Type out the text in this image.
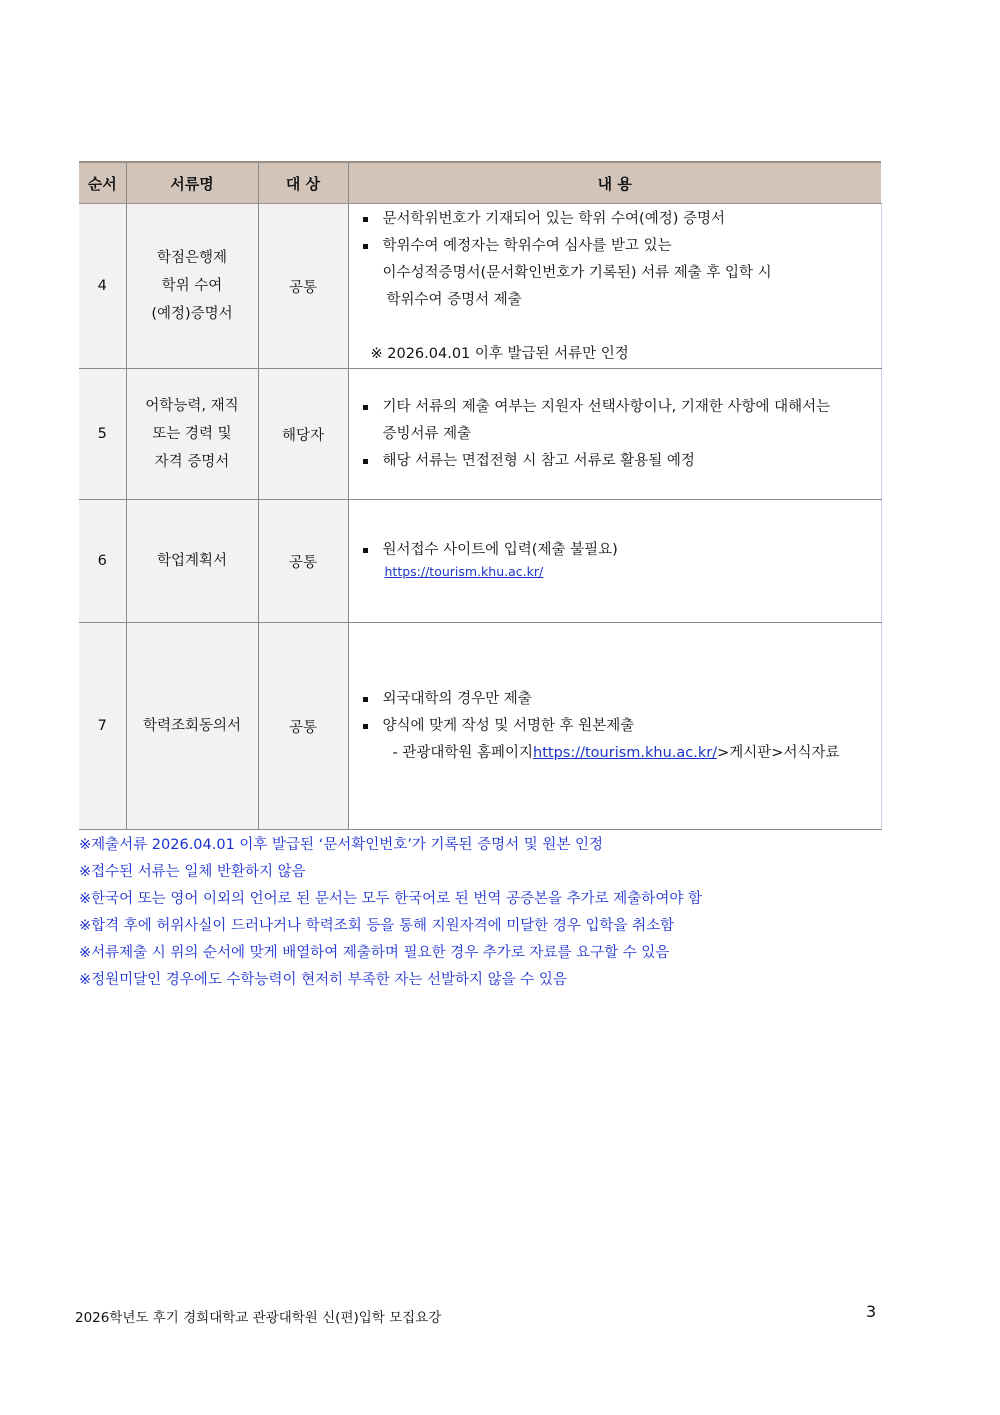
순서	서류명	대 상	내 용
4	학점은행제
학위 수여
(예정)증명서	공통	문서학위번호가 기재되어 있는 학위 수여(예정) 증명서
학위수여 예정자는 학위수여 심사를 받고 있는
이수성적증명서(문서확인번호가 기록된) 서류 제출 후 입학 시
학위수여 증명서 제출
※ 2026.04.01 이후 발급된 서류만 인정

5	어학능력, 재직
또는 경력 및
자격 증명서	해당자	기타 서류의 제출 여부는 지원자 선택사항이나, 기재한 사항에 대해서는
증빙서류 제출
해당 서류는 면접전형 시 참고 서류로 활용될 예정

6	학업계획서	공통	원서접수 사이트에 입력(제출 불필요)
https://tourism.khu.ac.kr/

7	학력조회동의서	공통	외국대학의 경우만 제출
양식에 맞게 작성 및 서명한 후 원본제출
- 관광대학원 홈페이지https://tourism.khu.ac.kr/>게시판>서식자료
※제출서류 2026.04.01 이후 발급된 ‘문서확인번호’가 기록된 증명서 및 원본 인정
※접수된 서류는 일체 반환하지 않음
※한국어 또는 영어 이외의 언어로 된 문서는 모두 한국어로 된 번역 공증본을 추가로 제출하여야 함
※합격 후에 허위사실이 드러나거나 학력조회 등을 통해 지원자격에 미달한 경우 입학을 취소함
※서류제출 시 위의 순서에 맞게 배열하여 제출하며 필요한 경우 추가로 자료를 요구할 수 있음
※정원미달인 경우에도 수학능력이 현저히 부족한 자는 선발하지 않을 수 있음
2026학년도 후기 경희대학교 관광대학원 신(편)입학 모집요강	3
